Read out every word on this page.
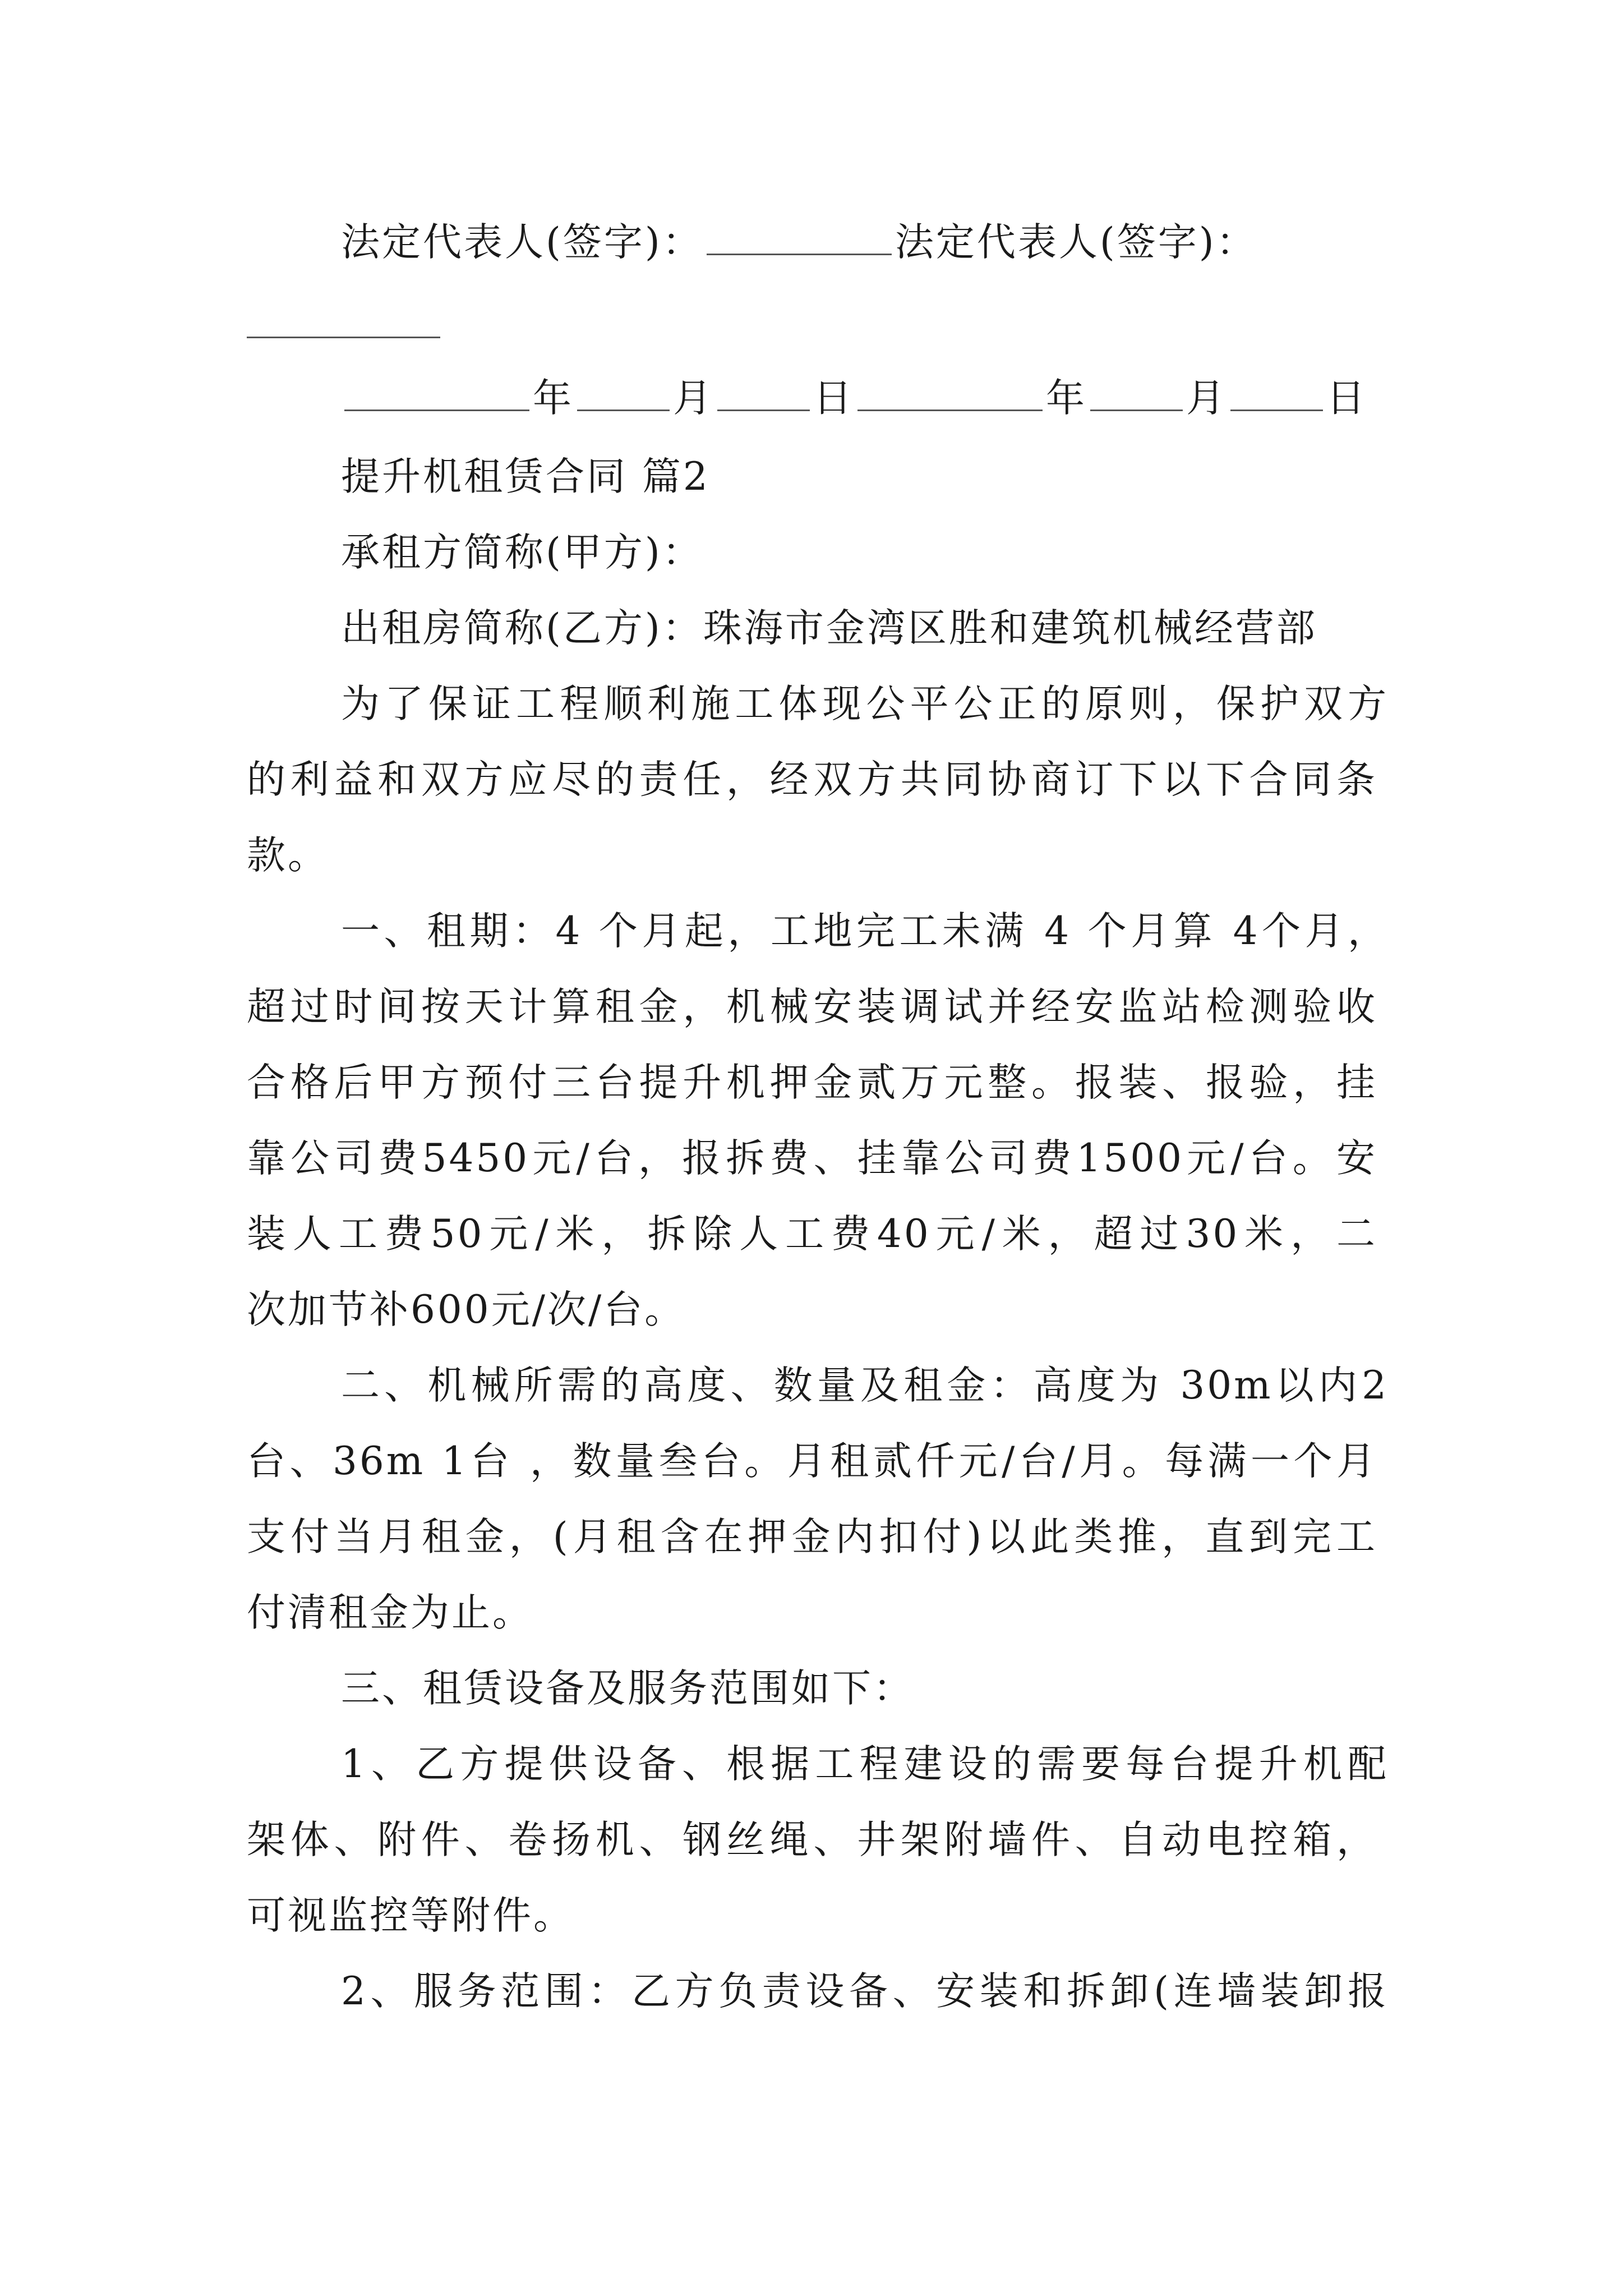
法定代表人(签字)：	法定代表人(签字)：
年	月	日	年	月	日
提升机租赁合同 篇2
承租方简称(甲方)：
出租房简称(乙方)：珠海市金湾区胜和建筑机械经营部
为了保证工程顺利施工体现公平公正的原则，保护双方
的利益和双方应尽的责任，经双方共同协商订下以下合同条
款。
一、租期：4 个月起，工地完工未满 4 个月算 4个月，
超过时间按天计算租金，机械安装调试并经安监站检测验收
合格后甲方预付三台提升机押金贰万元整。报装、报验，挂
靠公司费5450元/台，报拆费、挂靠公司费1500元/台。安
装人工费50元/米，拆除人工费40元/米，超过30米，二
次加节补600元/次/台。
二、机械所需的高度、数量及租金：高度为 30m以内2
台、36m 1台 ，数量叁台。月租贰仟元/台/月。每满一个月
支付当月租金，(月租含在押金内扣付)以此类推，直到完工
付清租金为止。
三、租赁设备及服务范围如下：
1、乙方提供设备、根据工程建设的需要每台提升机配
架体、附件、卷扬机、钢丝绳、井架附墙件、自动电控箱，
可视监控等附件。
2、服务范围：乙方负责设备、安装和拆卸(连墙装卸报
